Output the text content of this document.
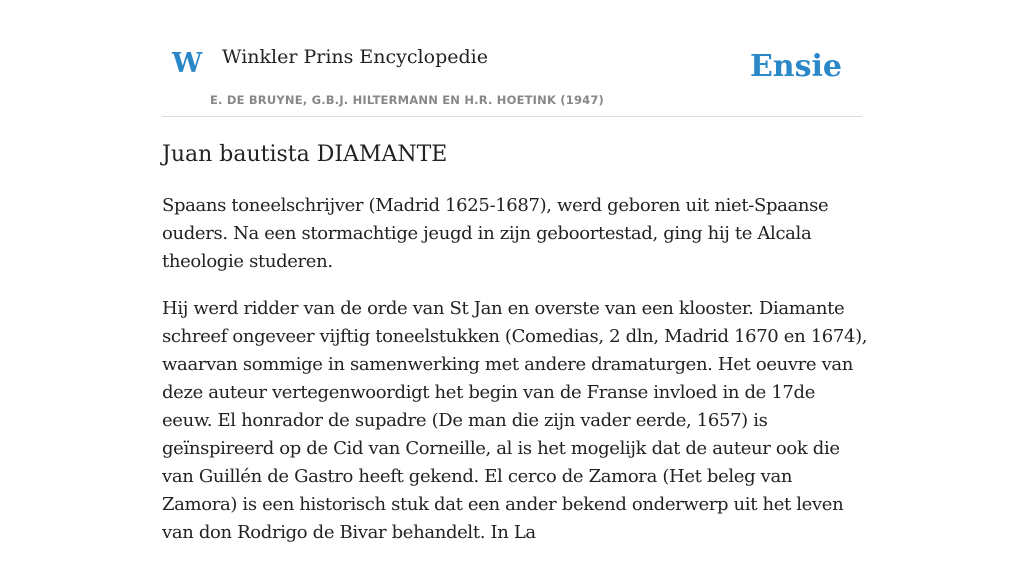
W Winkler Prins Encyclopedie
E. DE BRUYNE, G.B.J. HILTERMANN EN H.R. HOETINK (1947)
Ensie
Juan bautista DIAMANTE

Spaans toneelschrijver (Madrid 1625-1687), werd geboren uit niet-Spaanse ouders. Na een stormachtige jeugd in zijn geboortestad, ging hij te Alcala theologie studeren.

Hij werd ridder van de orde van St Jan en overste van een klooster. Diamante schreef ongeveer vijftig toneelstukken (Comedias, 2 dln, Madrid 1670 en 1674), waarvan sommige in samenwerking met andere dramaturgen. Het oeuvre van deze auteur vertegenwoordigt het begin van de Franse invloed in de 17de eeuw. El honrador de supadre (De man die zijn vader eerde, 1657) is geïnspireerd op de Cid van Corneille, al is het mogelijk dat de auteur ook die van Guillén de Gastro heeft gekend. El cerco de Zamora (Het beleg van Zamora) is een historisch stuk dat een ander bekend onderwerp uit het leven van don Rodrigo de Bivar behandelt. In La
